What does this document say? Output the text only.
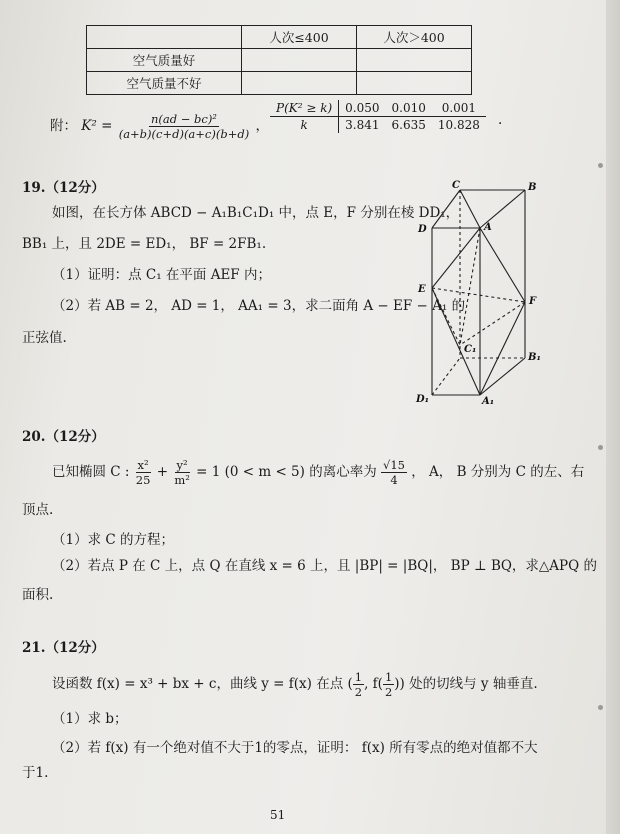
	人次≤400	人次＞400
空气质量好		
空气质量不好		
附： $K^2 = \frac{\text{n(ad − bc)²}}{(a+b)(c+d)(a+c)(b+d)}$ ，
P(K² ≥ k)	0.050	0.010	0.001
k	3.841	6.635	10.828 .
19.（12分）
如图，在长方体 ABCD − A₁B₁C₁D₁ 中，点 E，F 分别在棱 DD₁，
BB₁ 上，且 2DE = ED₁， BF = 2FB₁.
（1）证明：点 C₁ 在平面 AEF 内；
（2）若 AB = 2， AD = 1， AA₁ = 3，求二面角 A − EF − A₁ 的
正弦值.
C	B
D	A
E
F
C₁
B₁
D₁	A₁
20.（12分）
已知椭圆 C : $\frac{\text{x²}}{25} + \frac{\text{y²}}{\text{m²}} = 1$ (0 < m < 5) 的离心率为 $\frac{√15}{4}$ ， A， B 分别为 C 的左、右
顶点.
（1）求 C 的方程；
（2）若点 P 在 C 上，点 Q 在直线 x = 6 上，且 |BP| = |BQ|， BP ⊥ BQ，求△APQ 的
面积.
21.（12分）
设函数 f(x) = x³ + bx + c，曲线 y = f(x) 在点 ( $\frac{1}{2}$ , $f( \frac{1}{2}$ )) 处的切线与 y 轴垂直.
（1）求 b；
（2）若 f(x) 有一个绝对值不大于1的零点，证明： f(x) 所有零点的绝对值都不大
于1.
51
